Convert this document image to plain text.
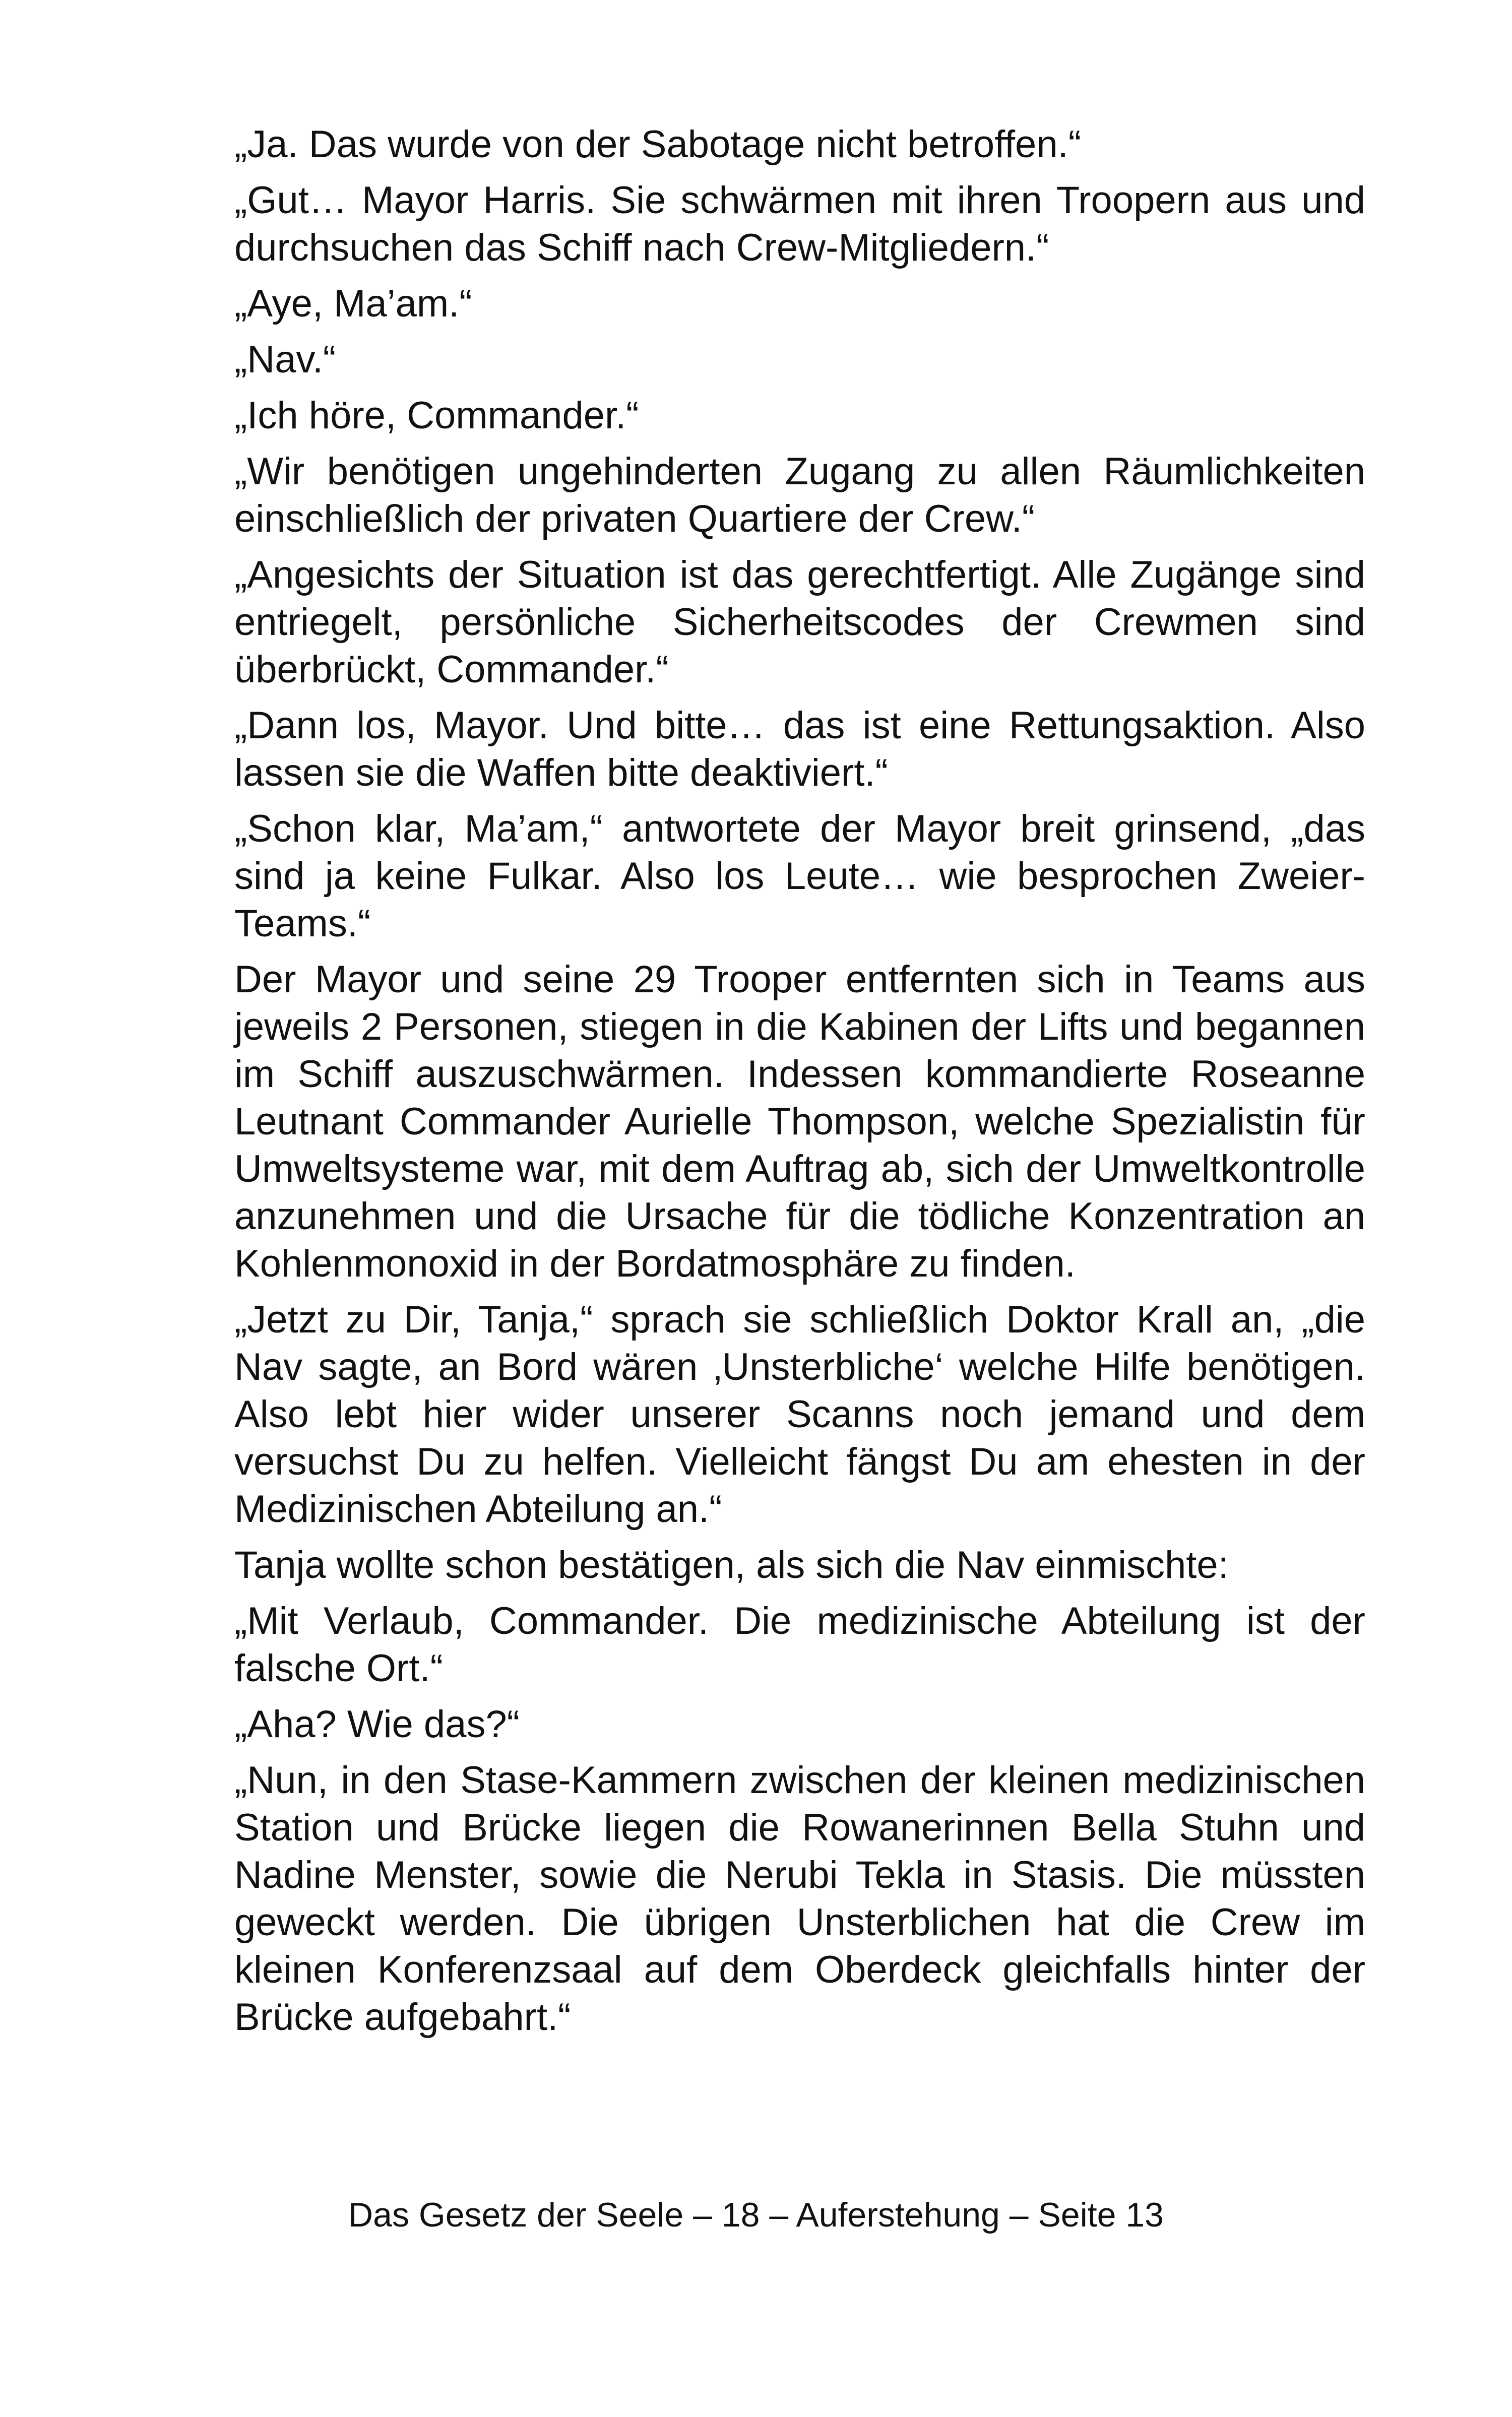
„Ja. Das wurde von der Sabotage nicht betroffen.“

„Gut… Mayor Harris. Sie schwärmen mit ihren Troopern aus und durchsuchen das Schiff nach Crew-Mitgliedern.“

„Aye, Ma’am.“

„Nav.“

„Ich höre, Commander.“

„Wir benötigen ungehinderten Zugang zu allen Räumlichkeiten einschließlich der privaten Quartiere der Crew.“

„Angesichts der Situation ist das gerechtfertigt. Alle Zugänge sind entriegelt, persönliche Sicherheitscodes der Crewmen sind überbrückt, Commander.“

„Dann los, Mayor. Und bitte… das ist eine Rettungsaktion. Also lassen sie die Waffen bitte deaktiviert.“

„Schon klar, Ma’am,“ antwortete der Mayor breit grinsend, „das sind ja keine Fulkar. Also los Leute… wie besprochen Zweier-Teams.“

Der Mayor und seine 29 Trooper entfernten sich in Teams aus jeweils 2 Personen, stiegen in die Kabinen der Lifts und begannen im Schiff auszuschwärmen. Indessen kommandierte Roseanne Leutnant Commander Aurielle Thompson, welche Spezialistin für Umweltsysteme war, mit dem Auftrag ab, sich der Umweltkontrolle anzunehmen und die Ursache für die tödliche Konzentration an Kohlenmonoxid in der Bordatmosphäre zu finden.

„Jetzt zu Dir, Tanja,“ sprach sie schließlich Doktor Krall an, „die Nav sagte, an Bord wären ‚Unsterbliche‘ welche Hilfe benötigen. Also lebt hier wider unserer Scanns noch jemand und dem versuchst Du zu helfen. Vielleicht fängst Du am ehesten in der Medizinischen Abteilung an.“

Tanja wollte schon bestätigen, als sich die Nav einmischte:

„Mit Verlaub, Commander. Die medizinische Abteilung ist der falsche Ort.“

„Aha? Wie das?“

„Nun, in den Stase-Kammern zwischen der kleinen medizinischen Station und Brücke liegen die Rowanerinnen Bella Stuhn und Nadine Menster, sowie die Nerubi Tekla in Stasis. Die müssten geweckt werden. Die übrigen Unsterblichen hat die Crew im kleinen Konferenzsaal auf dem Oberdeck gleichfalls hinter der Brücke aufgebahrt.“

Das Gesetz der Seele – 18 – Auferstehung – Seite 13
